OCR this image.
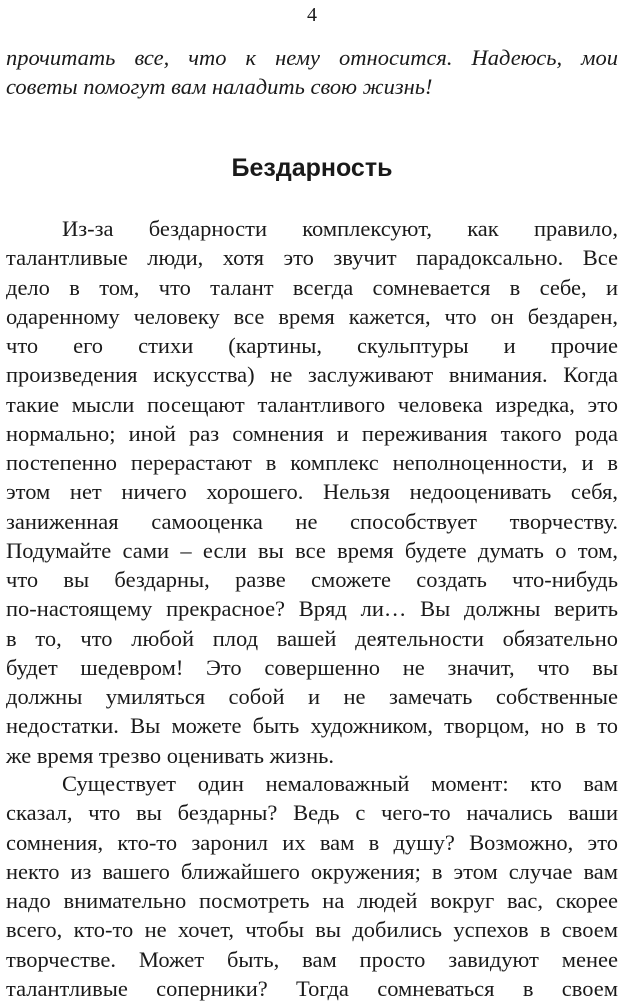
4
прочитать все, что к нему относится. Надеюсь, мои
советы помогут вам наладить свою жизнь!
Бездарность
Из-за бездарности комплексуют, как правило,
талантливые люди, хотя это звучит парадоксально. Все
дело в том, что талант всегда сомневается в себе, и
одаренному человеку все время кажется, что он бездарен,
что его стихи (картины, скульптуры и прочие
произведения искусства) не заслуживают внимания. Когда
такие мысли посещают талантливого человека изредка, это
нормально; иной раз сомнения и переживания такого рода
постепенно перерастают в комплекс неполноценности, и в
этом нет ничего хорошего. Нельзя недооценивать себя,
заниженная самооценка не способствует творчеству.
Подумайте сами – если вы все время будете думать о том,
что вы бездарны, разве сможете создать что-нибудь
по-настоящему прекрасное? Вряд ли… Вы должны верить
в то, что любой плод вашей деятельности обязательно
будет шедевром! Это совершенно не значит, что вы
должны умиляться собой и не замечать собственные
недостатки. Вы можете быть художником, творцом, но в то
же время трезво оценивать жизнь.
Существует один немаловажный момент: кто вам
сказал, что вы бездарны? Ведь с чего-то начались ваши
сомнения, кто-то заронил их вам в душу? Возможно, это
некто из вашего ближайшего окружения; в этом случае вам
надо внимательно посмотреть на людей вокруг вас, скорее
всего, кто-то не хочет, чтобы вы добились успехов в своем
творчестве. Может быть, вам просто завидуют менее
талантливые соперники? Тогда сомневаться в своем
